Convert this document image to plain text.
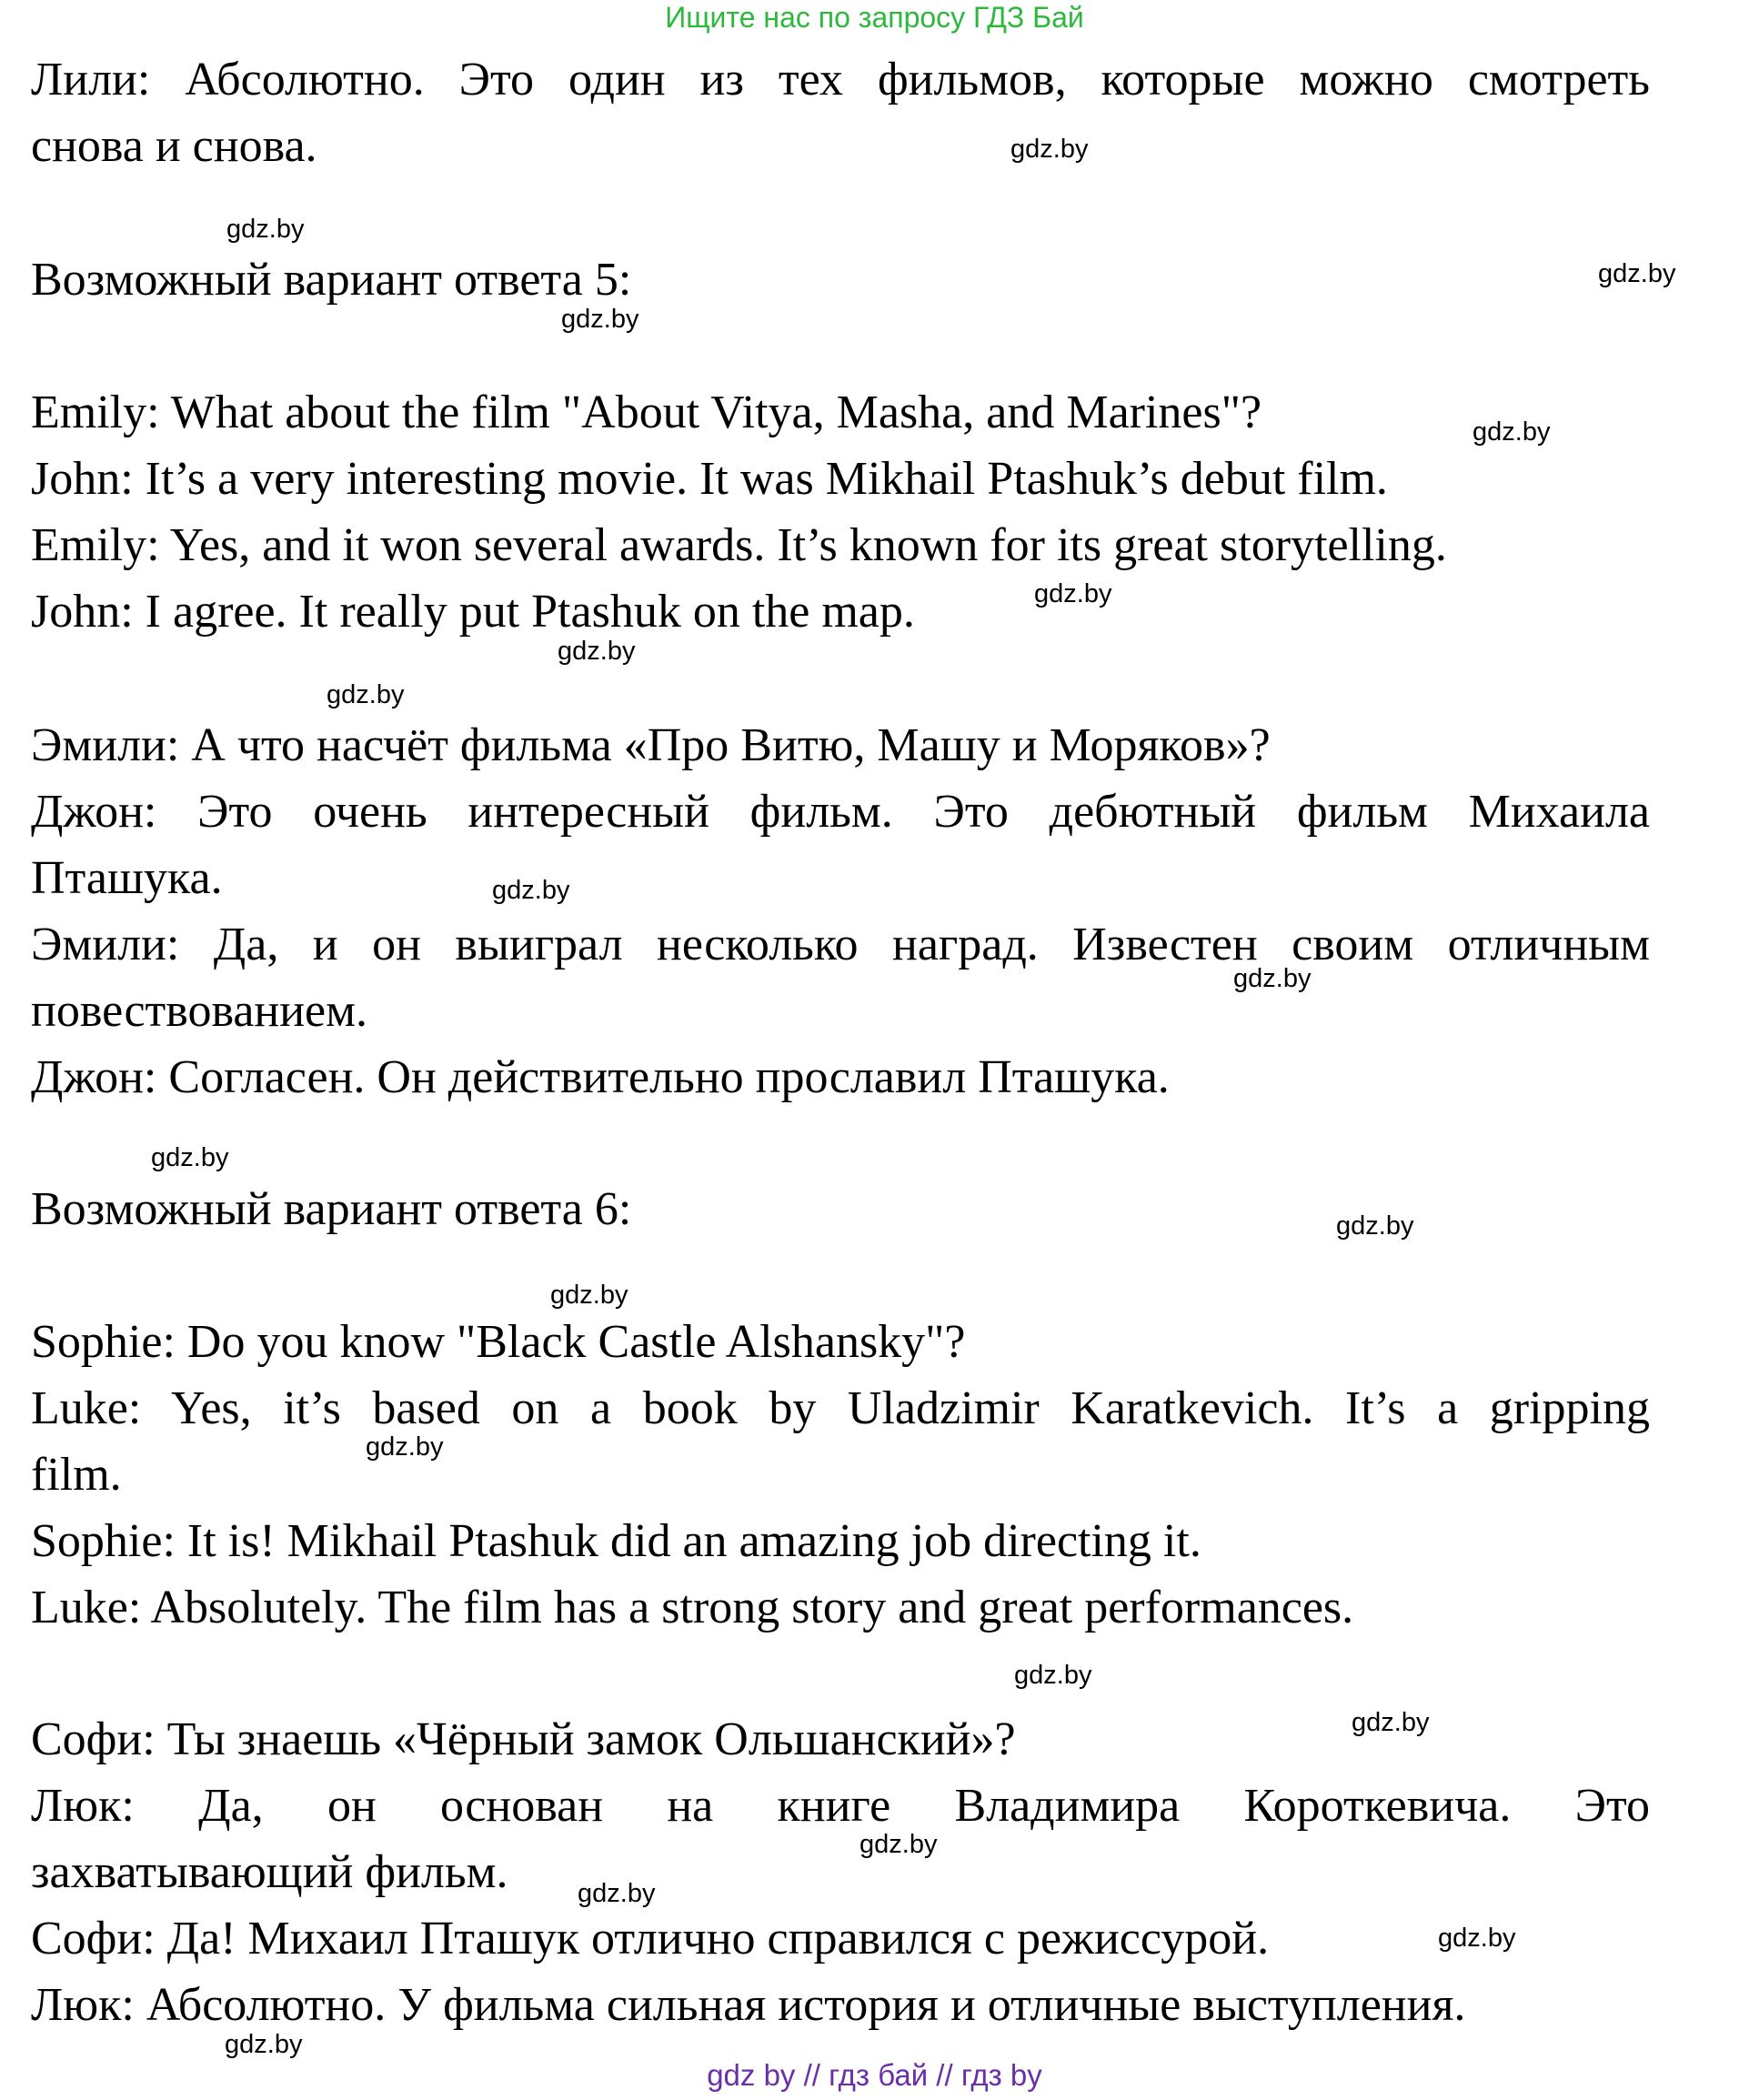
Ищите нас по запросу ГДЗ Бай
Лили: Абсолютно. Это один из тех фильмов, которые можно смотреть
снова и снова.
Возможный вариант ответа 5:
Emily: What about the film "About Vitya, Masha, and Marines"?
John: It’s a very interesting movie. It was Mikhail Ptashuk’s debut film.
Emily: Yes, and it won several awards. It’s known for its great storytelling.
John: I agree. It really put Ptashuk on the map.
Эмили: А что насчёт фильма «Про Витю, Машу и Моряков»?
Джон: Это очень интересный фильм. Это дебютный фильм Михаила
Пташука.
Эмили: Да, и он выиграл несколько наград. Известен своим отличным
повествованием.
Джон: Согласен. Он действительно прославил Пташука.
Возможный вариант ответа 6:
Sophie: Do you know "Black Castle Alshansky"?
Luke: Yes, it’s based on a book by Uladzimir Karatkevich. It’s a gripping
film.
Sophie: It is! Mikhail Ptashuk did an amazing job directing it.
Luke: Absolutely. The film has a strong story and great performances.
Софи: Ты знаешь «Чёрный замок Ольшанский»?
Люк: Да, он основан на книге Владимира Короткевича. Это
захватывающий фильм.
Софи: Да! Михаил Пташук отлично справился с режиссурой.
Люк: Абсолютно. У фильма сильная история и отличные выступления.
gdz.by
gdz.by
gdz.by
gdz.by
gdz.by
gdz.by
gdz.by
gdz.by
gdz.by
gdz.by
gdz.by
gdz.by
gdz.by
gdz.by
gdz.by
gdz.by
gdz.by
gdz.by
gdz.by
gdz.by
gdz by // гдз бай // гдз by
